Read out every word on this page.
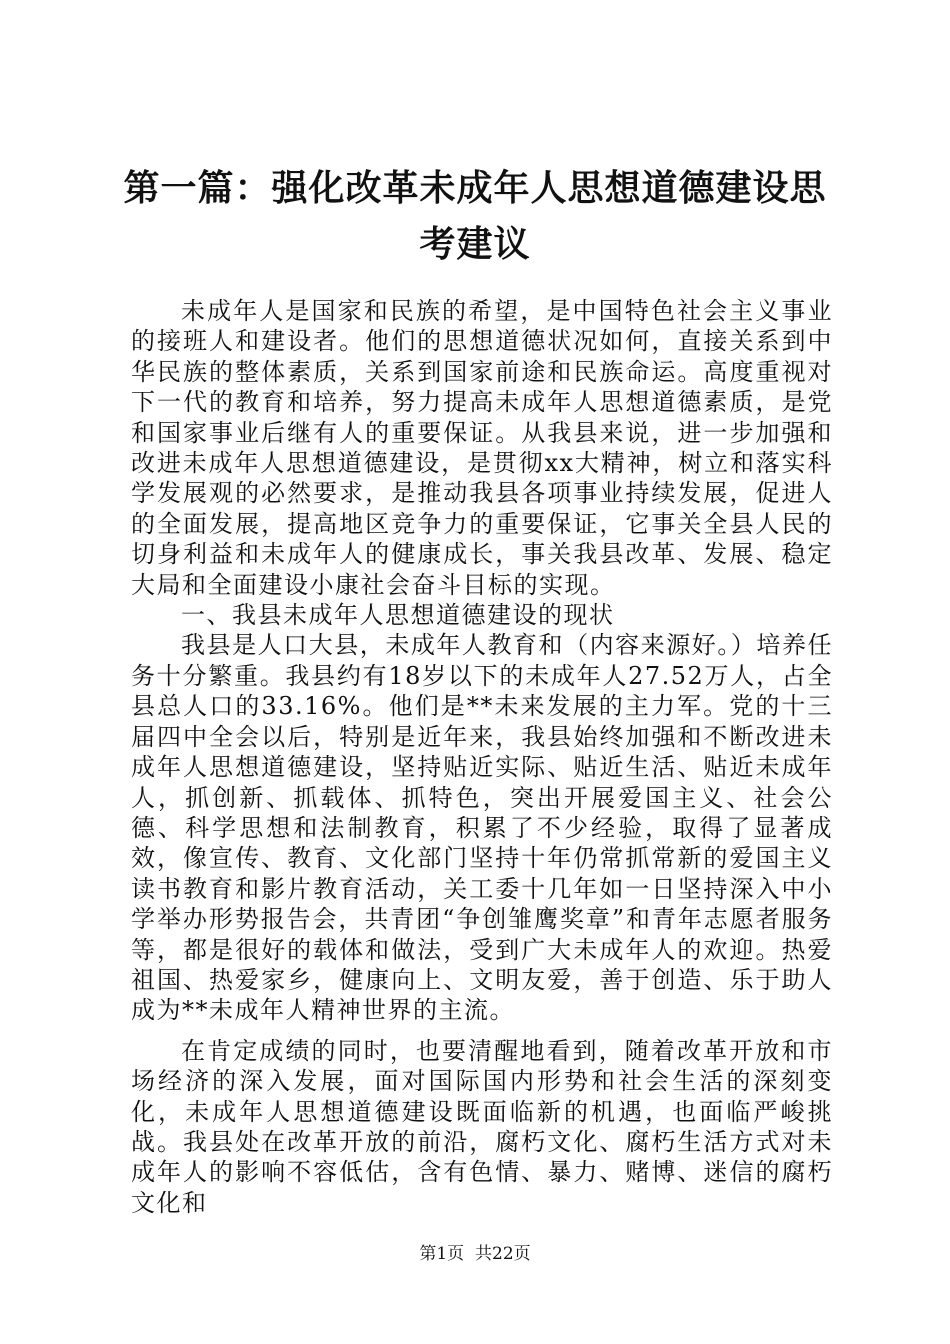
第一篇：强化改革未成年人思想道德建设思考建议

未成年人是国家和民族的希望，是中国特色社会主义事业的接班人和建设者。他们的思想道德状况如何，直接关系到中华民族的整体素质，关系到国家前途和民族命运。高度重视对下一代的教育和培养，努力提高未成年人思想道德素质，是党和国家事业后继有人的重要保证。从我县来说，进一步加强和改进未成年人思想道德建设，是贯彻xx大精神，树立和落实科学发展观的必然要求，是推动我县各项事业持续发展，促进人的全面发展，提高地区竞争力的重要保证，它事关全县人民的切身利益和未成年人的健康成长，事关我县改革、发展、稳定大局和全面建设小康社会奋斗目标的实现。

一、我县未成年人思想道德建设的现状

我县是人口大县，未成年人教育和（内容来源好。）培养任务十分繁重。我县约有18岁以下的未成年人27.52万人，占全县总人口的33.16%。他们是**未来发展的主力军。党的十三届四中全会以后，特别是近年来，我县始终加强和不断改进未成年人思想道德建设，坚持贴近实际、贴近生活、贴近未成年人，抓创新、抓载体、抓特色，突出开展爱国主义、社会公德、科学思想和法制教育，积累了不少经验，取得了显著成效，像宣传、教育、文化部门坚持十年仍常抓常新的爱国主义读书教育和影片教育活动，关工委十几年如一日坚持深入中小学举办形势报告会，共青团“争创雏鹰奖章”和青年志愿者服务等，都是很好的载体和做法，受到广大未成年人的欢迎。热爱祖国、热爱家乡，健康向上、文明友爱，善于创造、乐于助人成为**未成年人精神世界的主流。

在肯定成绩的同时，也要清醒地看到，随着改革开放和市场经济的深入发展，面对国际国内形势和社会生活的深刻变化，未成年人思想道德建设既面临新的机遇，也面临严峻挑战。我县处在改革开放的前沿，腐朽文化、腐朽生活方式对未成年人的影响不容低估，含有色情、暴力、赌博、迷信的腐朽文化和

第1页 共22页
